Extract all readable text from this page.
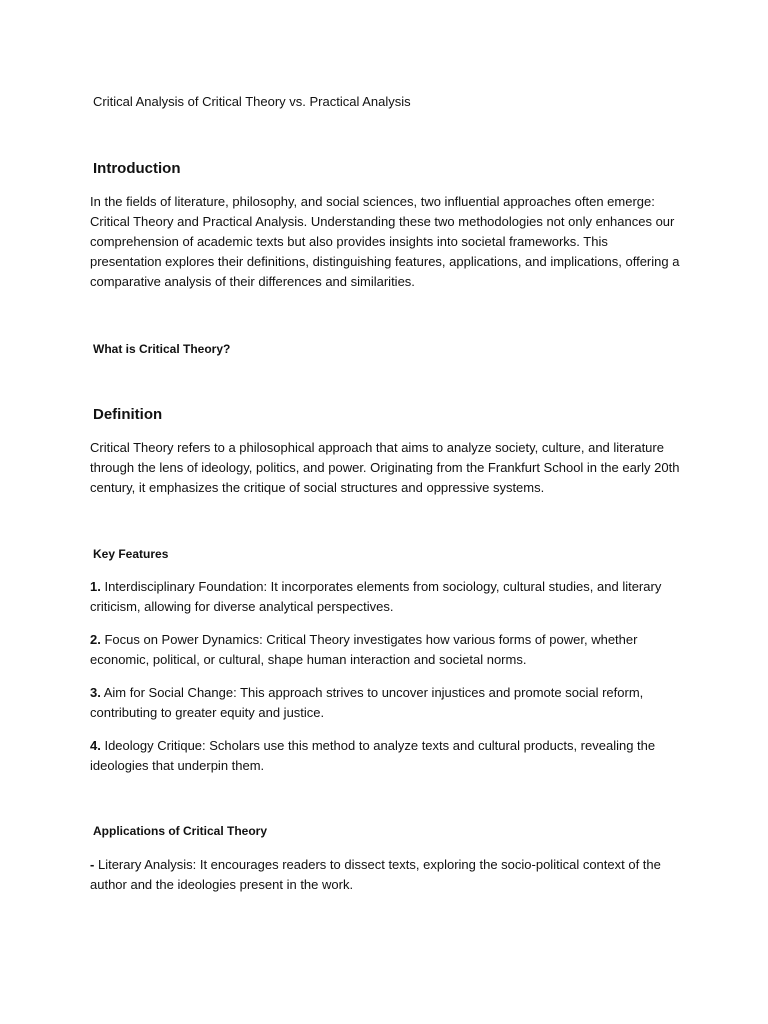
Critical Analysis of Critical Theory vs. Practical Analysis
Introduction

In the fields of literature, philosophy, and social sciences, two influential approaches often emerge: Critical Theory and Practical Analysis. Understanding these two methodologies not only enhances our comprehension of academic texts but also provides insights into societal frameworks. This presentation explores their definitions, distinguishing features, applications, and implications, offering a comparative analysis of their differences and similarities.

What is Critical Theory?
Definition

Critical Theory refers to a philosophical approach that aims to analyze society, culture, and literature through the lens of ideology, politics, and power. Originating from the Frankfurt School in the early 20th century, it emphasizes the critique of social structures and oppressive systems.

Key Features

1. Interdisciplinary Foundation: It incorporates elements from sociology, cultural studies, and literary criticism, allowing for diverse analytical perspectives.

2. Focus on Power Dynamics: Critical Theory investigates how various forms of power, whether economic, political, or cultural, shape human interaction and societal norms.

3. Aim for Social Change: This approach strives to uncover injustices and promote social reform, contributing to greater equity and justice.

4. Ideology Critique: Scholars use this method to analyze texts and cultural products, revealing the ideologies that underpin them.

Applications of Critical Theory

- Literary Analysis: It encourages readers to dissect texts, exploring the socio-political context of the author and the ideologies present in the work.
